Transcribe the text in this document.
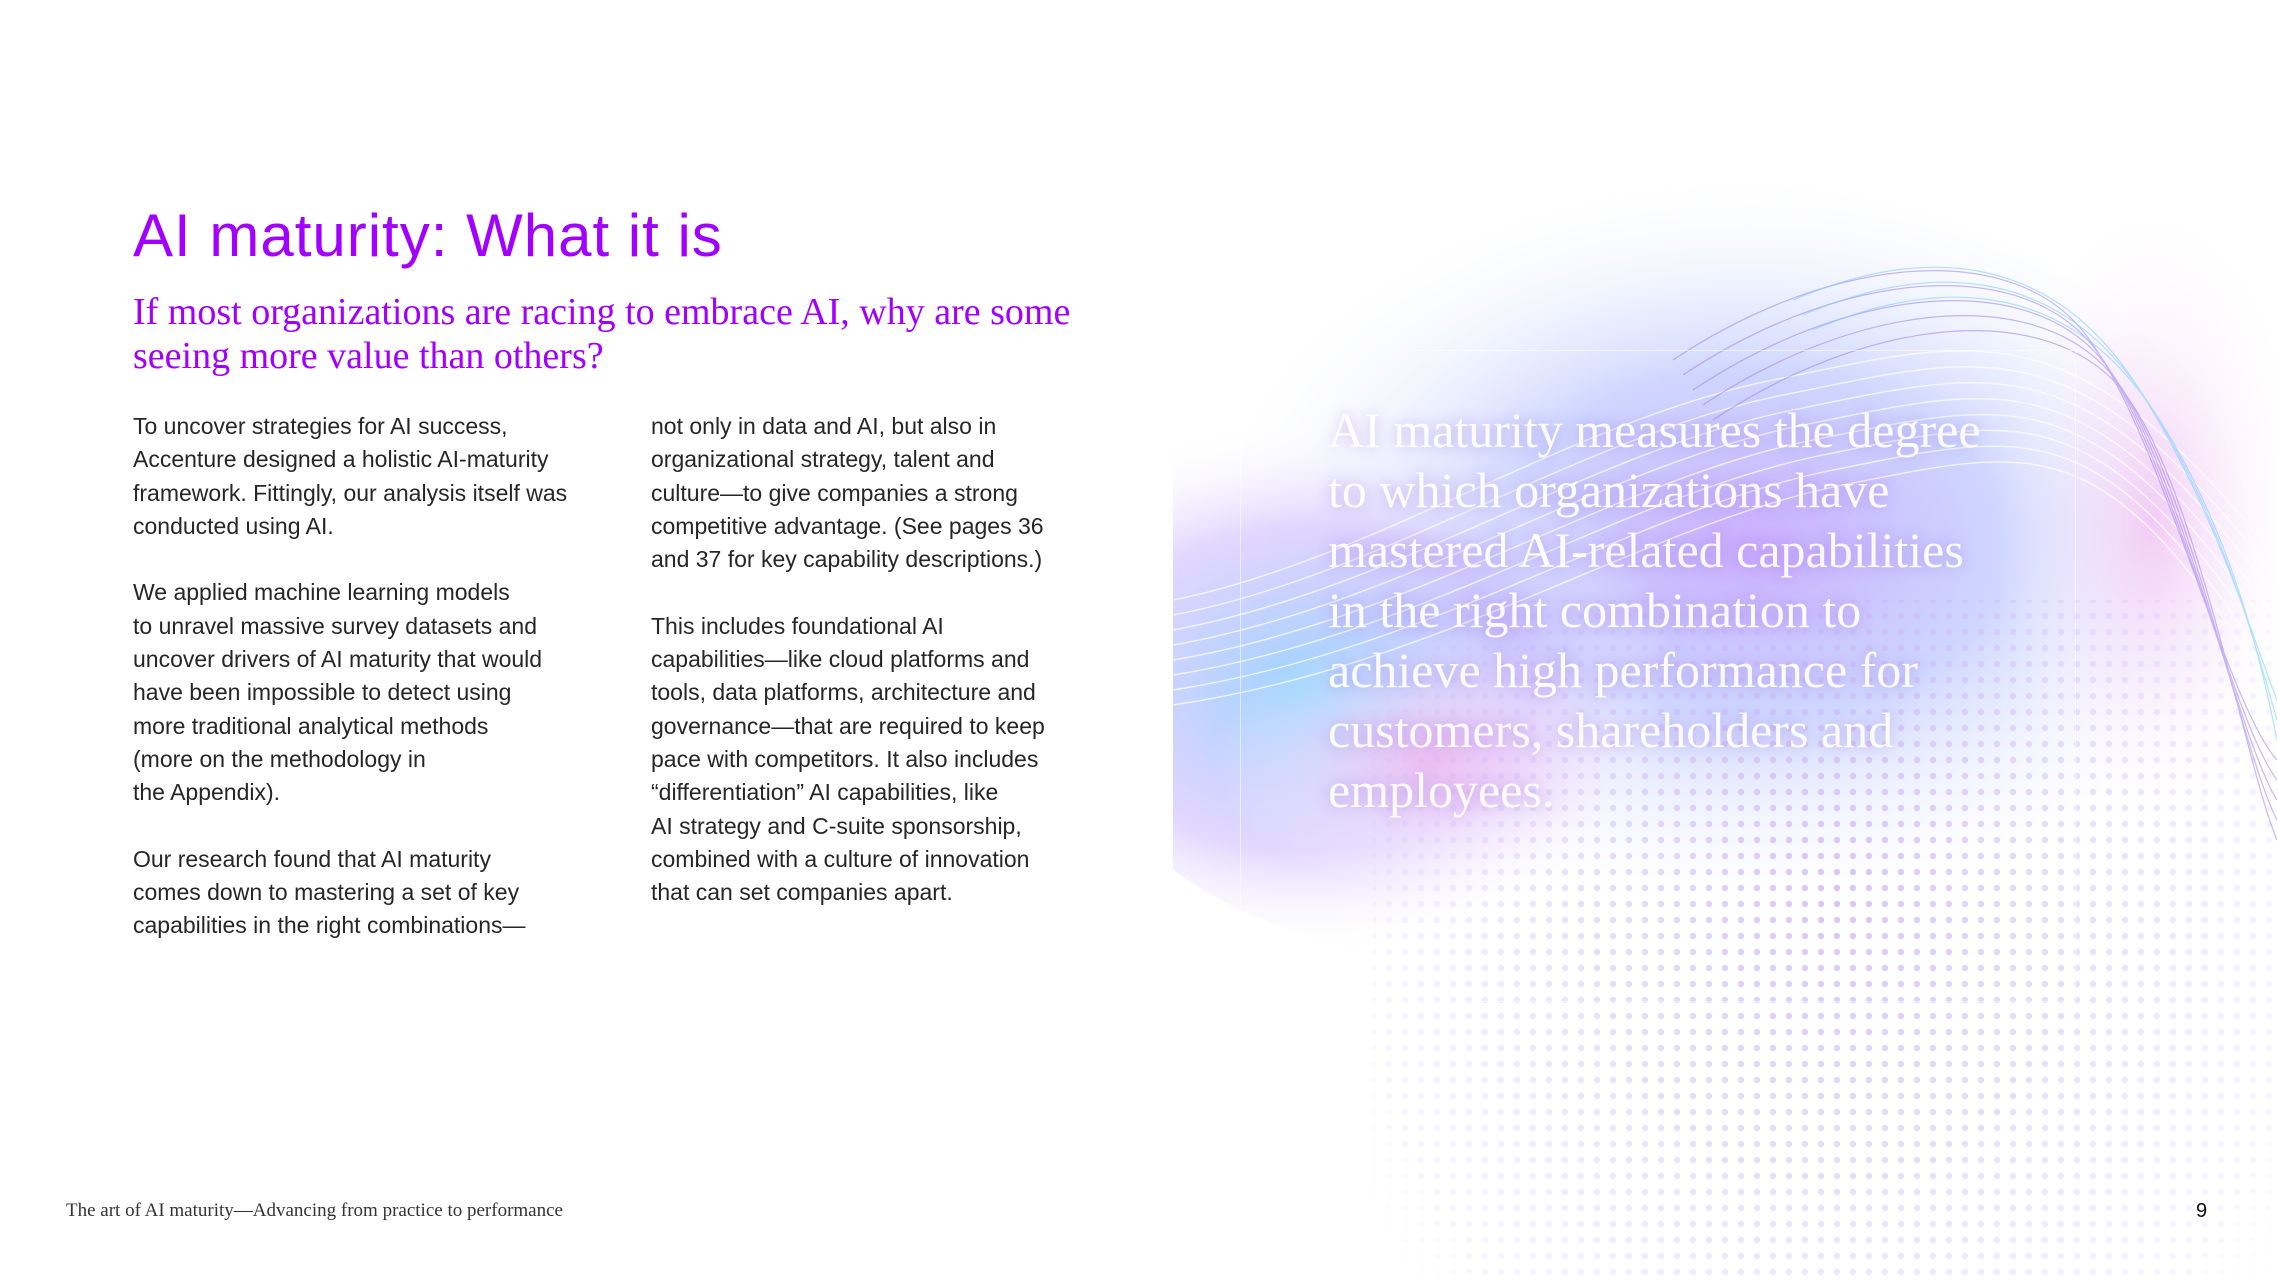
AI maturity: What it is
If most organizations are racing to embrace AI, why are some seeing more value than others?

To uncover strategies for AI success,
Accenture designed a holistic AI-maturity
framework. Fittingly, our analysis itself was
conducted using AI.

We applied machine learning models
to unravel massive survey datasets and
uncover drivers of AI maturity that would
have been impossible to detect using
more traditional analytical methods
(more on the methodology in
the Appendix).

Our research found that AI maturity
comes down to mastering a set of key
capabilities in the right combinations—

not only in data and AI, but also in
organizational strategy, talent and
culture—to give companies a strong
competitive advantage. (See pages 36
and 37 for key capability descriptions.)

This includes foundational AI
capabilities—like cloud platforms and
tools, data platforms, architecture and
governance—that are required to keep
pace with competitors. It also includes
“differentiation” AI capabilities, like
AI strategy and C-suite sponsorship,
combined with a culture of innovation
that can set companies apart.

AI maturity measures the degree to which organizations have mastered AI-related capabilities in the right combination to achieve high performance for customers, shareholders and employees.

The art of AI maturity—Advancing from practice to performance	9
